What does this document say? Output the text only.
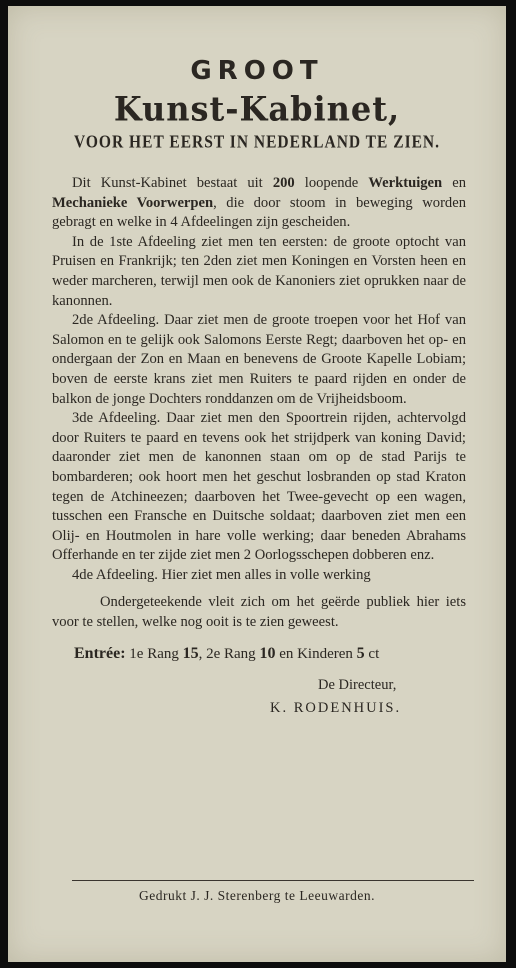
GROOT
Kunst-Kabinet,
VOOR HET EERST IN NEDERLAND TE ZIEN.

Dit Kunst-Kabinet bestaat uit 200 loopende Werktuigen en Mechanieke Voorwerpen, die door stoom in beweging worden gebragt en welke in 4 Afdeelingen zijn gescheiden.

In de 1ste Afdeeling ziet men ten eersten: de groote optocht van Pruisen en Frankrijk; ten 2den ziet men Koningen en Vorsten heen en weder marcheren, terwijl men ook de Kanoniers ziet oprukken naar de kanonnen.

2de Afdeeling. Daar ziet men de groote troepen voor het Hof van Salomon en te gelijk ook Salomons Eerste Regt; daarboven het op- en ondergaan der Zon en Maan en benevens de Groote Kapelle Lobiam; boven de eerste krans ziet men Ruiters te paard rijden en onder de balkon de jonge Dochters ronddanzen om de Vrijheidsboom.

3de Afdeeling. Daar ziet men den Spoortrein rijden, achtervolgd door Ruiters te paard en tevens ook het strijdperk van koning David; daaronder ziet men de kanonnen staan om op de stad Parijs te bombarderen; ook hoort men het geschut losbranden op stad Kraton tegen de Atchineezen; daarboven het Twee-gevecht op een wagen, tusschen een Fransche en Duitsche soldaat; daarboven ziet men een Olij- en Houtmolen in hare volle werking; daar beneden Abrahams Offerhande en ter zijde ziet men 2 Oorlogsschepen dobberen enz.

4de Afdeeling. Hier ziet men alles in volle werking

Ondergeteekende vleit zich om het geërde publiek hier iets voor te stellen, welke nog ooit is te zien geweest.

Entrée: 1e Rang 15, 2e Rang 10 en Kinderen 5 ct
De Directeur,
K. RODENHUIS.
Gedrukt J. J. Sterenberg te Leeuwarden.
